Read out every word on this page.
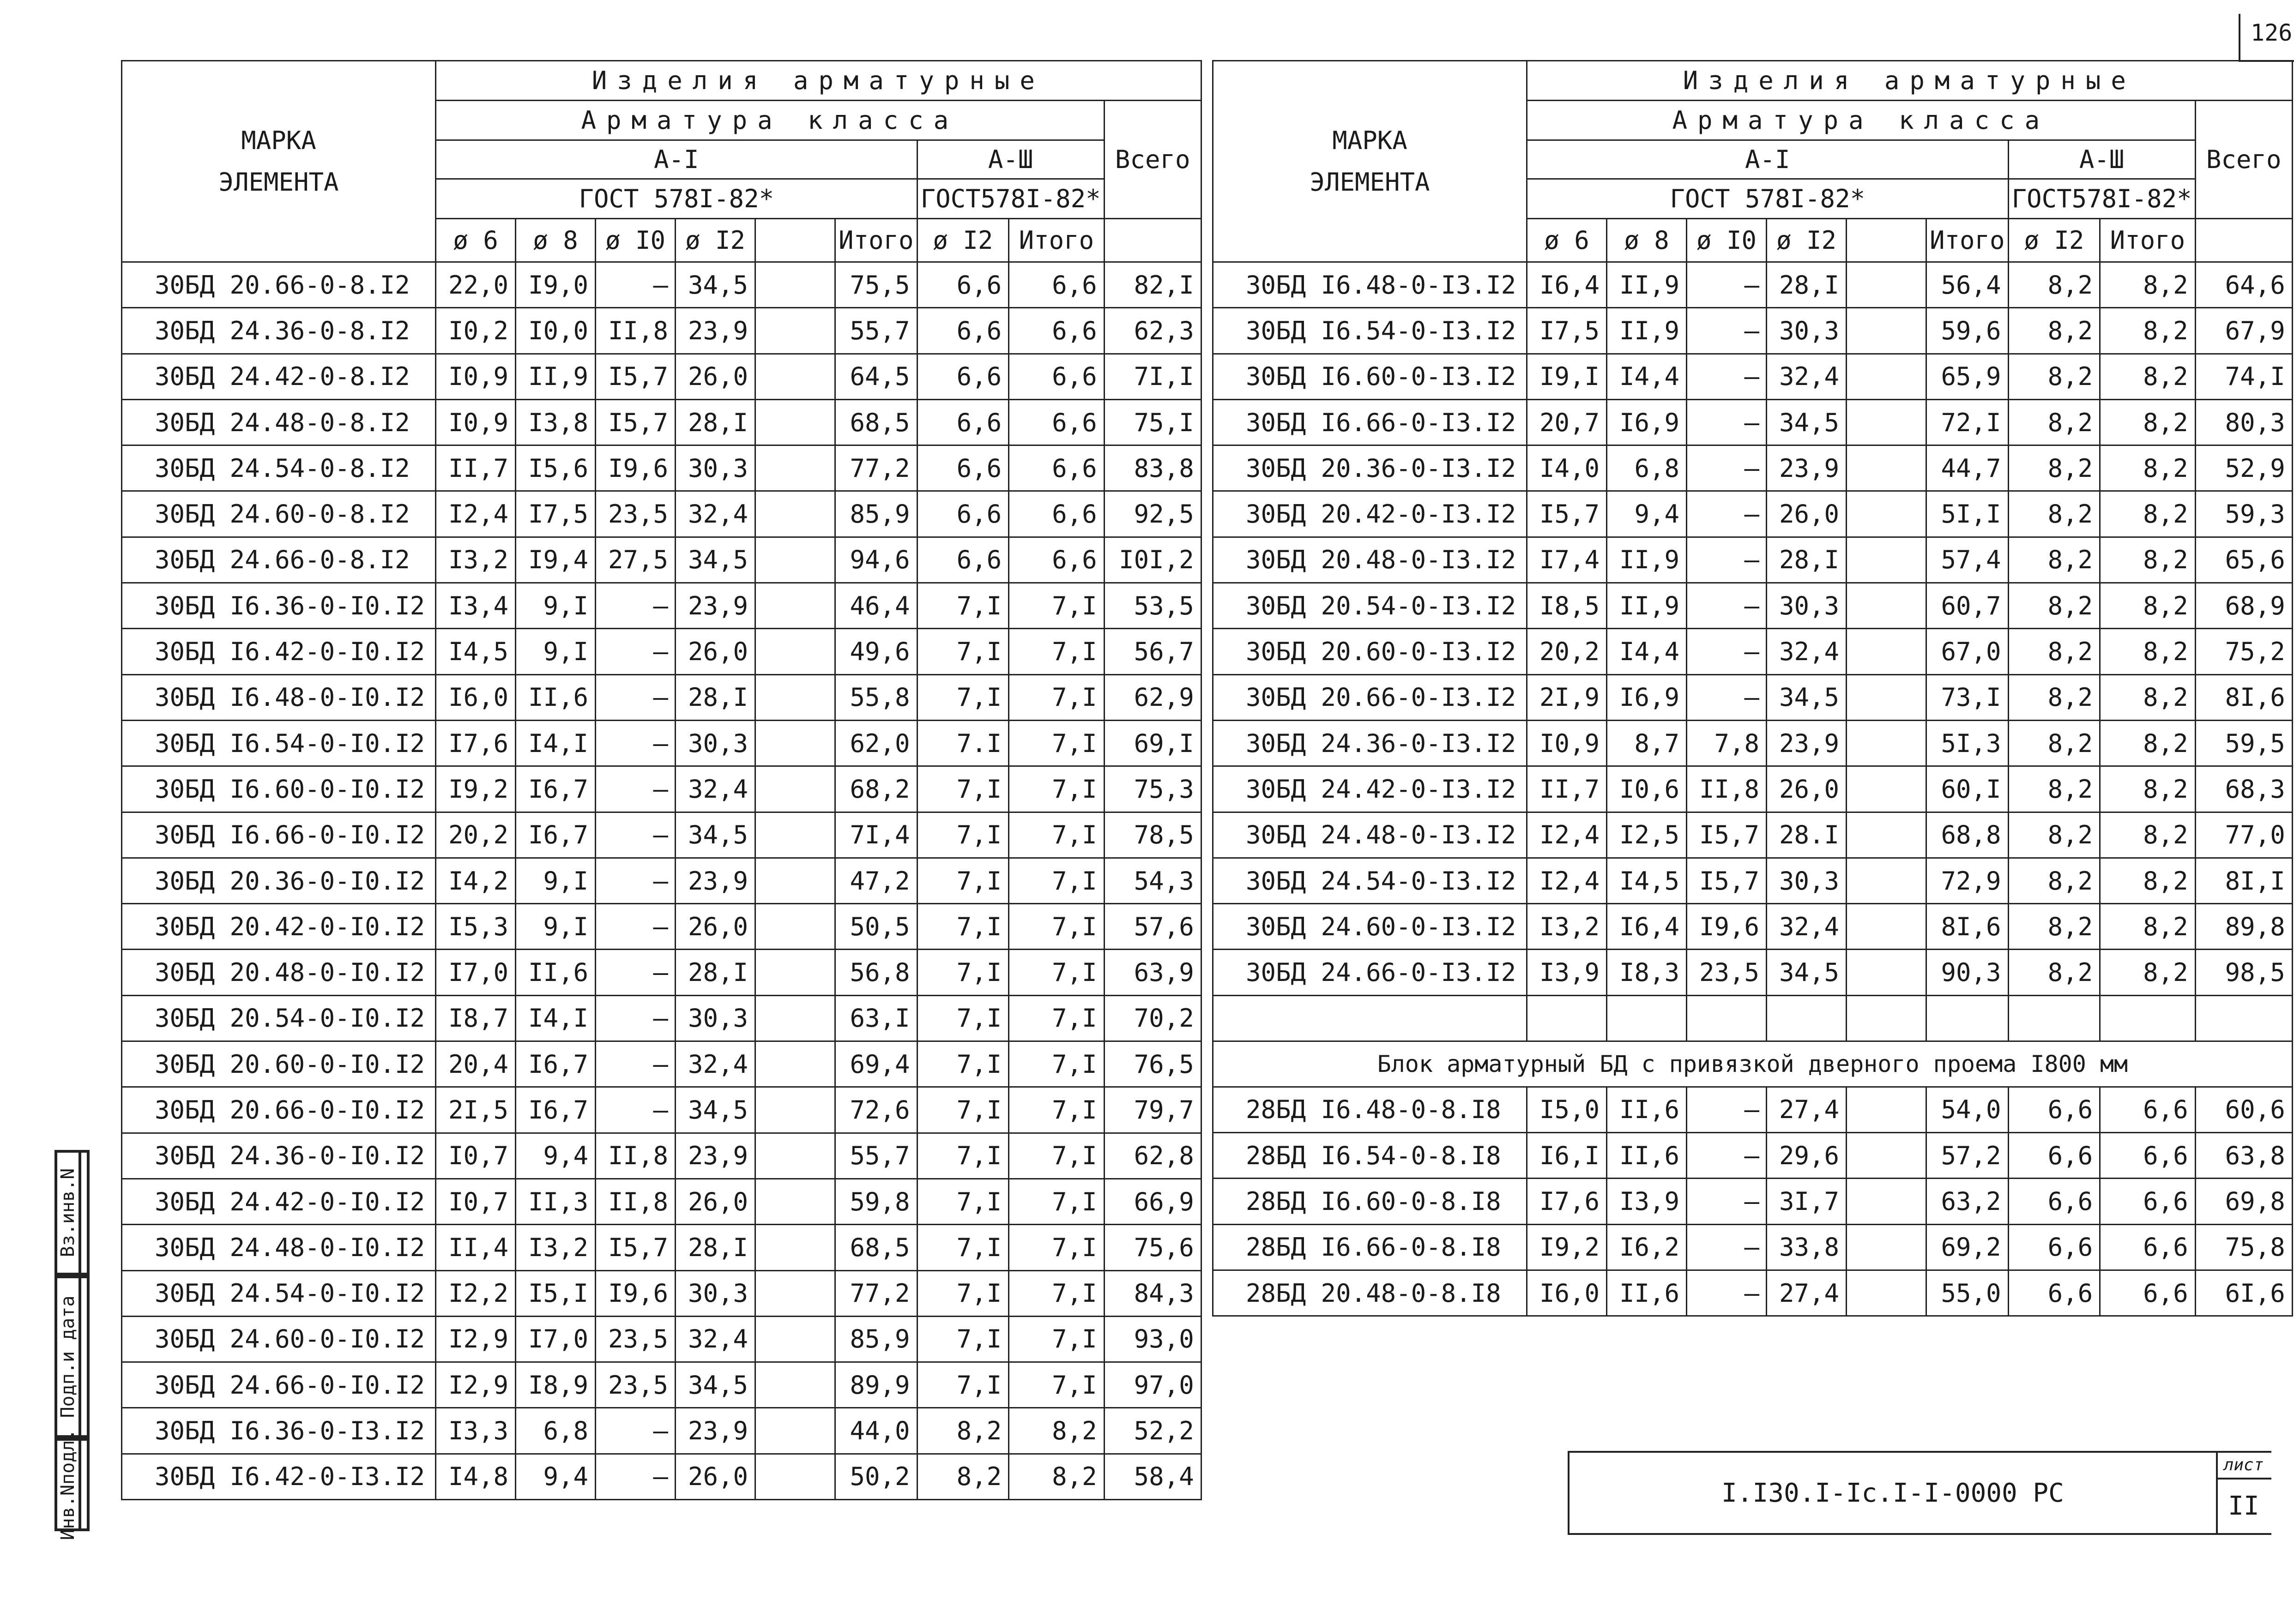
126
МАРКА
ЭЛЕМЕНТА	Изделия арматурные								
	Арматура класса								Всего
	А-I						А-Ш		
	ГОСТ 578I-82*						ГОСТ578I-82*		
	ø 6	ø 8	ø I0	ø I2		Итого	ø I2	Итого	
30БД 20.66-0-8.I2	22,0	I9,0	–	34,5		75,5	6,6	6,6	82,I
30БД 24.36-0-8.I2	I0,2	I0,0	II,8	23,9		55,7	6,6	6,6	62,3
30БД 24.42-0-8.I2	I0,9	II,9	I5,7	26,0		64,5	6,6	6,6	7I,I
30БД 24.48-0-8.I2	I0,9	I3,8	I5,7	28,I		68,5	6,6	6,6	75,I
30БД 24.54-0-8.I2	II,7	I5,6	I9,6	30,3		77,2	6,6	6,6	83,8
30БД 24.60-0-8.I2	I2,4	I7,5	23,5	32,4		85,9	6,6	6,6	92,5
30БД 24.66-0-8.I2	I3,2	I9,4	27,5	34,5		94,6	6,6	6,6	I0I,2
30БД I6.36-0-I0.I2	I3,4	9,I	–	23,9		46,4	7,I	7,I	53,5
30БД I6.42-0-I0.I2	I4,5	9,I	–	26,0		49,6	7,I	7,I	56,7
30БД I6.48-0-I0.I2	I6,0	II,6	–	28,I		55,8	7,I	7,I	62,9
30БД I6.54-0-I0.I2	I7,6	I4,I	–	30,3		62,0	7.I	7,I	69,I
30БД I6.60-0-I0.I2	I9,2	I6,7	–	32,4		68,2	7,I	7,I	75,3
30БД I6.66-0-I0.I2	20,2	I6,7	–	34,5		7I,4	7,I	7,I	78,5
30БД 20.36-0-I0.I2	I4,2	9,I	–	23,9		47,2	7,I	7,I	54,3
30БД 20.42-0-I0.I2	I5,3	9,I	–	26,0		50,5	7,I	7,I	57,6
30БД 20.48-0-I0.I2	I7,0	II,6	–	28,I		56,8	7,I	7,I	63,9
30БД 20.54-0-I0.I2	I8,7	I4,I	–	30,3		63,I	7,I	7,I	70,2
30БД 20.60-0-I0.I2	20,4	I6,7	–	32,4		69,4	7,I	7,I	76,5
30БД 20.66-0-I0.I2	2I,5	I6,7	–	34,5		72,6	7,I	7,I	79,7
30БД 24.36-0-I0.I2	I0,7	9,4	II,8	23,9		55,7	7,I	7,I	62,8
30БД 24.42-0-I0.I2	I0,7	II,3	II,8	26,0		59,8	7,I	7,I	66,9
30БД 24.48-0-I0.I2	II,4	I3,2	I5,7	28,I		68,5	7,I	7,I	75,6
30БД 24.54-0-I0.I2	I2,2	I5,I	I9,6	30,3		77,2	7,I	7,I	84,3
30БД 24.60-0-I0.I2	I2,9	I7,0	23,5	32,4		85,9	7,I	7,I	93,0
30БД 24.66-0-I0.I2	I2,9	I8,9	23,5	34,5		89,9	7,I	7,I	97,0
30БД I6.36-0-I3.I2	I3,3	6,8	–	23,9		44,0	8,2	8,2	52,2
30БД I6.42-0-I3.I2	I4,8	9,4	–	26,0		50,2	8,2	8,2	58,4
МАРКА
ЭЛЕМЕНТА	Изделия арматурные								
	Арматура класса								Всего
	А-I						А-Ш		
	ГОСТ 578I-82*						ГОСТ578I-82*		
	ø 6	ø 8	ø I0	ø I2		Итого	ø I2	Итого	
30БД I6.48-0-I3.I2	I6,4	II,9	–	28,I		56,4	8,2	8,2	64,6
30БД I6.54-0-I3.I2	I7,5	II,9	–	30,3		59,6	8,2	8,2	67,9
30БД I6.60-0-I3.I2	I9,I	I4,4	–	32,4		65,9	8,2	8,2	74,I
30БД I6.66-0-I3.I2	20,7	I6,9	–	34,5		72,I	8,2	8,2	80,3
30БД 20.36-0-I3.I2	I4,0	6,8	–	23,9		44,7	8,2	8,2	52,9
30БД 20.42-0-I3.I2	I5,7	9,4	–	26,0		5I,I	8,2	8,2	59,3
30БД 20.48-0-I3.I2	I7,4	II,9	–	28,I		57,4	8,2	8,2	65,6
30БД 20.54-0-I3.I2	I8,5	II,9	–	30,3		60,7	8,2	8,2	68,9
30БД 20.60-0-I3.I2	20,2	I4,4	–	32,4		67,0	8,2	8,2	75,2
30БД 20.66-0-I3.I2	2I,9	I6,9	–	34,5		73,I	8,2	8,2	8I,6
30БД 24.36-0-I3.I2	I0,9	8,7	7,8	23,9		5I,3	8,2	8,2	59,5
30БД 24.42-0-I3.I2	II,7	I0,6	II,8	26,0		60,I	8,2	8,2	68,3
30БД 24.48-0-I3.I2	I2,4	I2,5	I5,7	28.I		68,8	8,2	8,2	77,0
30БД 24.54-0-I3.I2	I2,4	I4,5	I5,7	30,3		72,9	8,2	8,2	8I,I
30БД 24.60-0-I3.I2	I3,2	I6,4	I9,6	32,4		8I,6	8,2	8,2	89,8
30БД 24.66-0-I3.I2	I3,9	I8,3	23,5	34,5		90,3	8,2	8,2	98,5

Блок арматурный БД с привязкой дверного проема I800 мм									
28БД I6.48-0-8.I8	I5,0	II,6	–	27,4		54,0	6,6	6,6	60,6
28БД I6.54-0-8.I8	I6,I	II,6	–	29,6		57,2	6,6	6,6	63,8
28БД I6.60-0-8.I8	I7,6	I3,9	–	3I,7		63,2	6,6	6,6	69,8
28БД I6.66-0-8.I8	I9,2	I6,2	–	33,8		69,2	6,6	6,6	75,8
28БД 20.48-0-8.I8	I6,0	II,6	–	27,4		55,0	6,6	6,6	6I,6
I.I30.I-Ic.I-I-0000 PC
лист
II
Инв.Nподл.
Подп.и дата
Вз.инв.N
